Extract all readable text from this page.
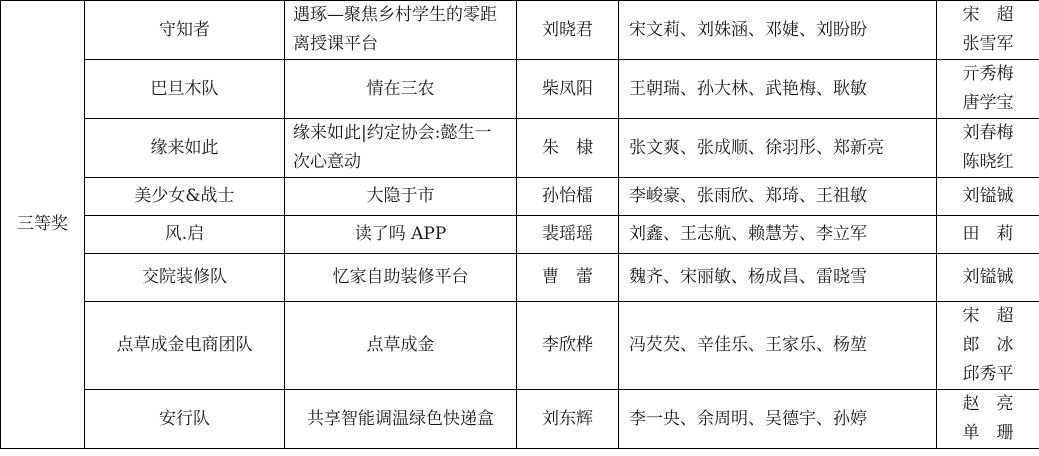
三等奖	守知者	遇琢—聚焦乡村学生的零距离授课平台	刘晓君	宋文莉、刘姝涵、邓婕、刘盼盼	宋　超
张雪军

	巴旦木队	情在三农	柴凤阳	王朝瑞、孙大林、武艳梅、耿敏	亓秀梅
唐学宝

	缘来如此	缘来如此|约定协会:懿生一次心意动	朱　棣	张文爽、张成顺、徐羽彤、郑新亮	刘春梅
陈晓红

	美少女&战士	大隐于市	孙怡檑	李峻豪、张雨欣、郑琦、王祖敏	刘镒铖

	风.启	读了吗 APP	裴瑶瑶	刘鑫、王志航、赖慧芳、李立军	田　莉

	交院装修队	忆家自助装修平台	曹　蕾	魏齐、宋丽敏、杨成昌、雷晓雪	刘镒铖

	点草成金电商团队	点草成金	李欣桦	冯芡芡、辛佳乐、王家乐、杨堃	宋　超
郎　冰
邱秀平

	安行队	共享智能调温绿色快递盒	刘东辉	李一央、余周明、吴德宇、孙婷	赵　亮
单　珊
